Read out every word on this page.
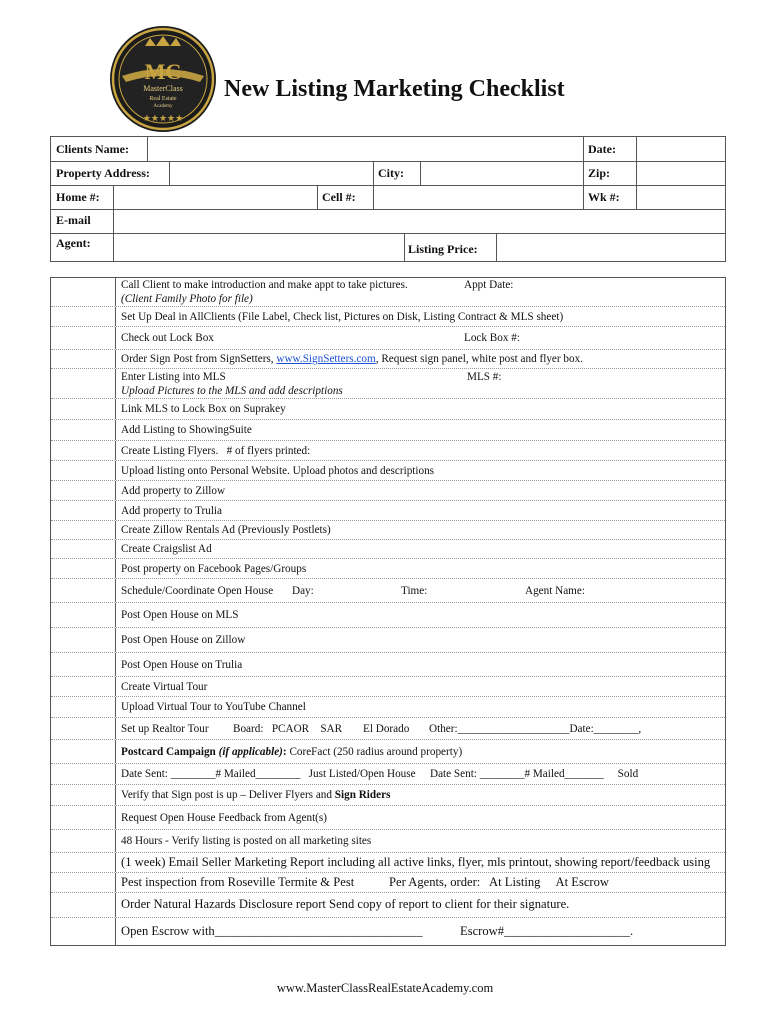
MC
MasterClass
Real Estate
Academy
★★★★★
New Listing Marketing Checklist
Clients Name:	Date:
Property Address:	City:	Zip:
Home #:	Cell #:	Wk #:
E-mail
Agent:	Listing Price:
Call Client to make introduction and make appt to take pictures.	Appt Date:
(Client Family Photo for file)
Set Up Deal in AllClients (File Label, Check list, Pictures on Disk, Listing Contract & MLS sheet)
Check out Lock Box	Lock Box #:
Order Sign Post from SignSetters, www.SignSetters.com, Request sign panel, white post and flyer box.
Enter Listing into MLS	MLS #:
Upload Pictures to the MLS and add descriptions
Link MLS to Lock Box on Suprakey
Add Listing to ShowingSuite
Create Listing Flyers.   # of flyers printed:
Upload listing onto Personal Website. Upload photos and descriptions
Add property to Zillow
Add property to Trulia
Create Zillow Rentals Ad (Previously Postlets)
Create Craigslist Ad
Post property on Facebook Pages/Groups
Schedule/Coordinate Open House Day:	Time:	Agent Name:
Post Open House on MLS
Post Open House on Zillow
Post Open House on Trulia
Create Virtual Tour
Upload Virtual Tour to YouTube Channel
Set up Realtor Tour Board:   PCAOR    SAR El Dorado Other:____________________Date:________,
Postcard Campaign (if applicable): CoreFact (250 radius around property)
Date Sent: ________# Mailed________   Just Listed/Open House Date Sent: ________# Mailed_______     Sold
Verify that Sign post is up – Deliver Flyers and Sign Riders
Request Open House Feedback from Agent(s)
48 Hours - Verify listing is posted on all marketing sites
(1 week) Email Seller Marketing Report including all active links, flyer, mls printout, showing report/feedback using
Pest inspection from Roseville Termite & Pest	Per Agents, order:   At Listing     At Escrow
Order Natural Hazards Disclosure report Send copy of report to client for their signature.
Open Escrow with_________________________________	Escrow#____________________.
www.MasterClassRealEstateAcademy.com
